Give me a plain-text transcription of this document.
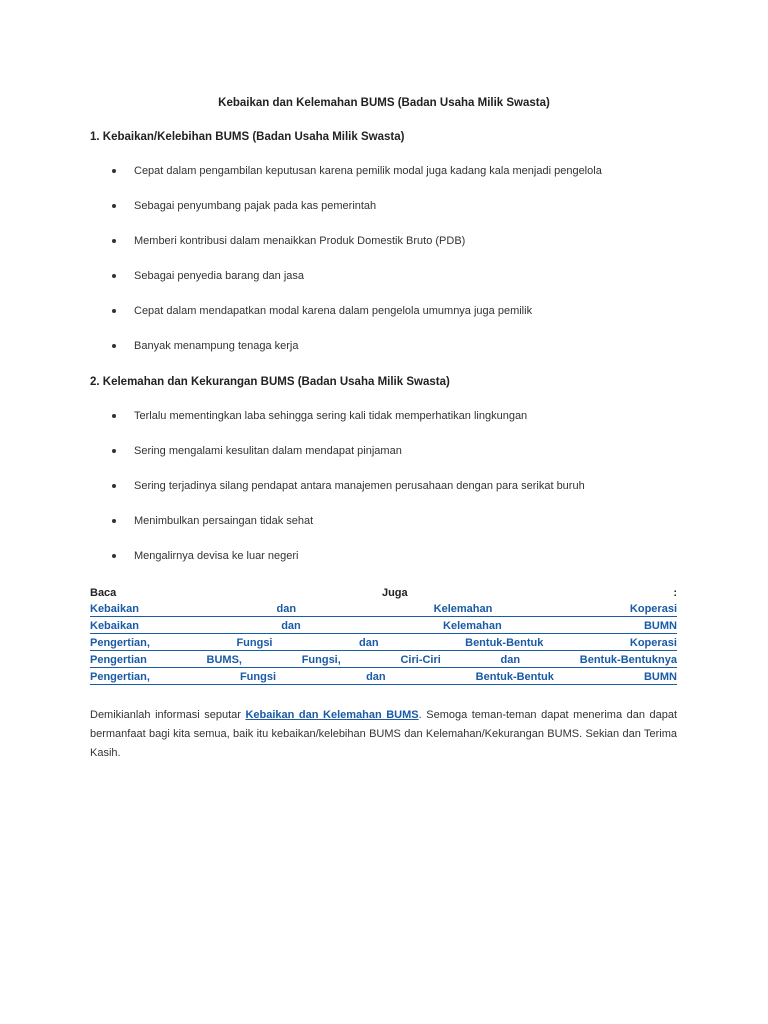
Kebaikan dan Kelemahan BUMS (Badan Usaha Milik Swasta)
1. Kebaikan/Kelebihan BUMS (Badan Usaha Milik Swasta)
Cepat dalam pengambilan keputusan karena pemilik modal juga kadang kala menjadi pengelola
Sebagai penyumbang pajak pada kas pemerintah
Memberi kontribusi dalam menaikkan Produk Domestik Bruto (PDB)
Sebagai penyedia barang dan jasa
Cepat dalam mendapatkan modal karena dalam pengelola umumnya juga pemilik
Banyak menampung tenaga kerja
2. Kelemahan dan Kekurangan BUMS (Badan Usaha Milik Swasta)
Terlalu mementingkan laba sehingga sering kali tidak memperhatikan lingkungan
Sering mengalami kesulitan dalam mendapat pinjaman
Sering terjadinya silang pendapat antara manajemen perusahaan dengan para serikat buruh
Menimbulkan persaingan tidak sehat
Mengalirnya devisa ke luar negeri
Baca	Juga	:
Kebaikan	dan	Kelemahan	Koperasi
Kebaikan	dan	Kelemahan	BUMN
Pengertian,	Fungsi	dan	Bentuk-Bentuk	Koperasi
Pengertian	BUMS,	Fungsi,	Ciri-Ciri	dan	Bentuk-Bentuknya
Pengertian,	Fungsi	dan	Bentuk-Bentuk	BUMN
Demikianlah informasi seputar Kebaikan dan Kelemahan BUMS. Semoga teman-teman dapat menerima dan dapat bermanfaat bagi kita semua, baik itu kebaikan/kelebihan BUMS dan Kelemahan/Kekurangan BUMS. Sekian dan Terima Kasih.
